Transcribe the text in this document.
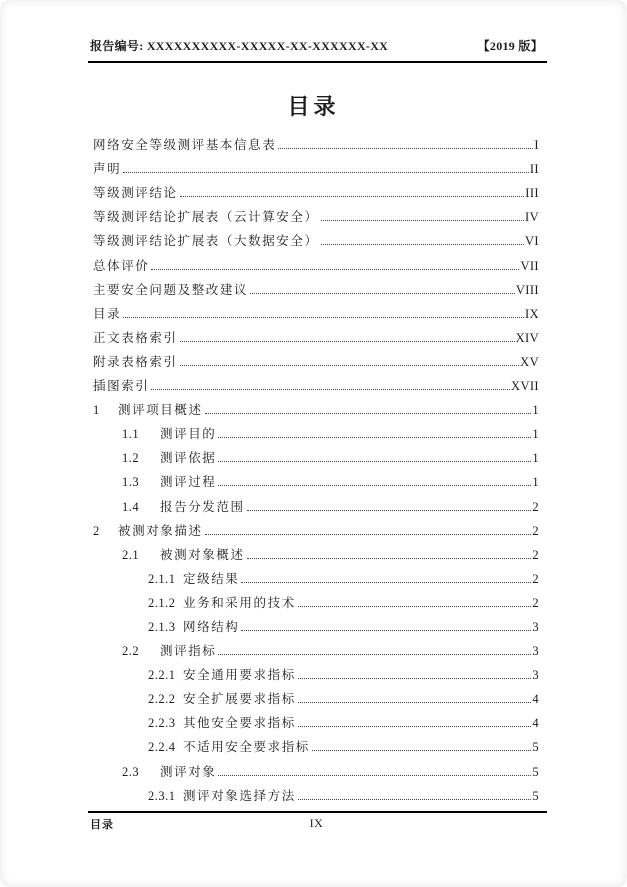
报告编号: XXXXXXXXXX-XXXXX-XX-XXXXXX-XX	【2019 版】
目录
网络安全等级测评基本信息表	I
声明	II
等级测评结论	III
等级测评结论扩展表（云计算安全）	IV
等级测评结论扩展表（大数据安全）	VI
总体评价	VII
主要安全问题及整改建议	VIII
目录	IX
正文表格索引	XIV
附录表格索引	XV
插图索引	XVII
1	测评项目概述	1
1.1	测评目的	1
1.2	测评依据	1
1.3	测评过程	1
1.4	报告分发范围	2
2	被测对象描述	2
2.1	被测对象概述	2
2.1.1 定级结果	2
2.1.2 业务和采用的技术	2
2.1.3 网络结构	3
2.2	测评指标	3
2.2.1 安全通用要求指标	3
2.2.2 安全扩展要求指标	4
2.2.3 其他安全要求指标	4
2.2.4 不适用安全要求指标	5
2.3	测评对象	5
2.3.1 测评对象选择方法	5
目录	IX
